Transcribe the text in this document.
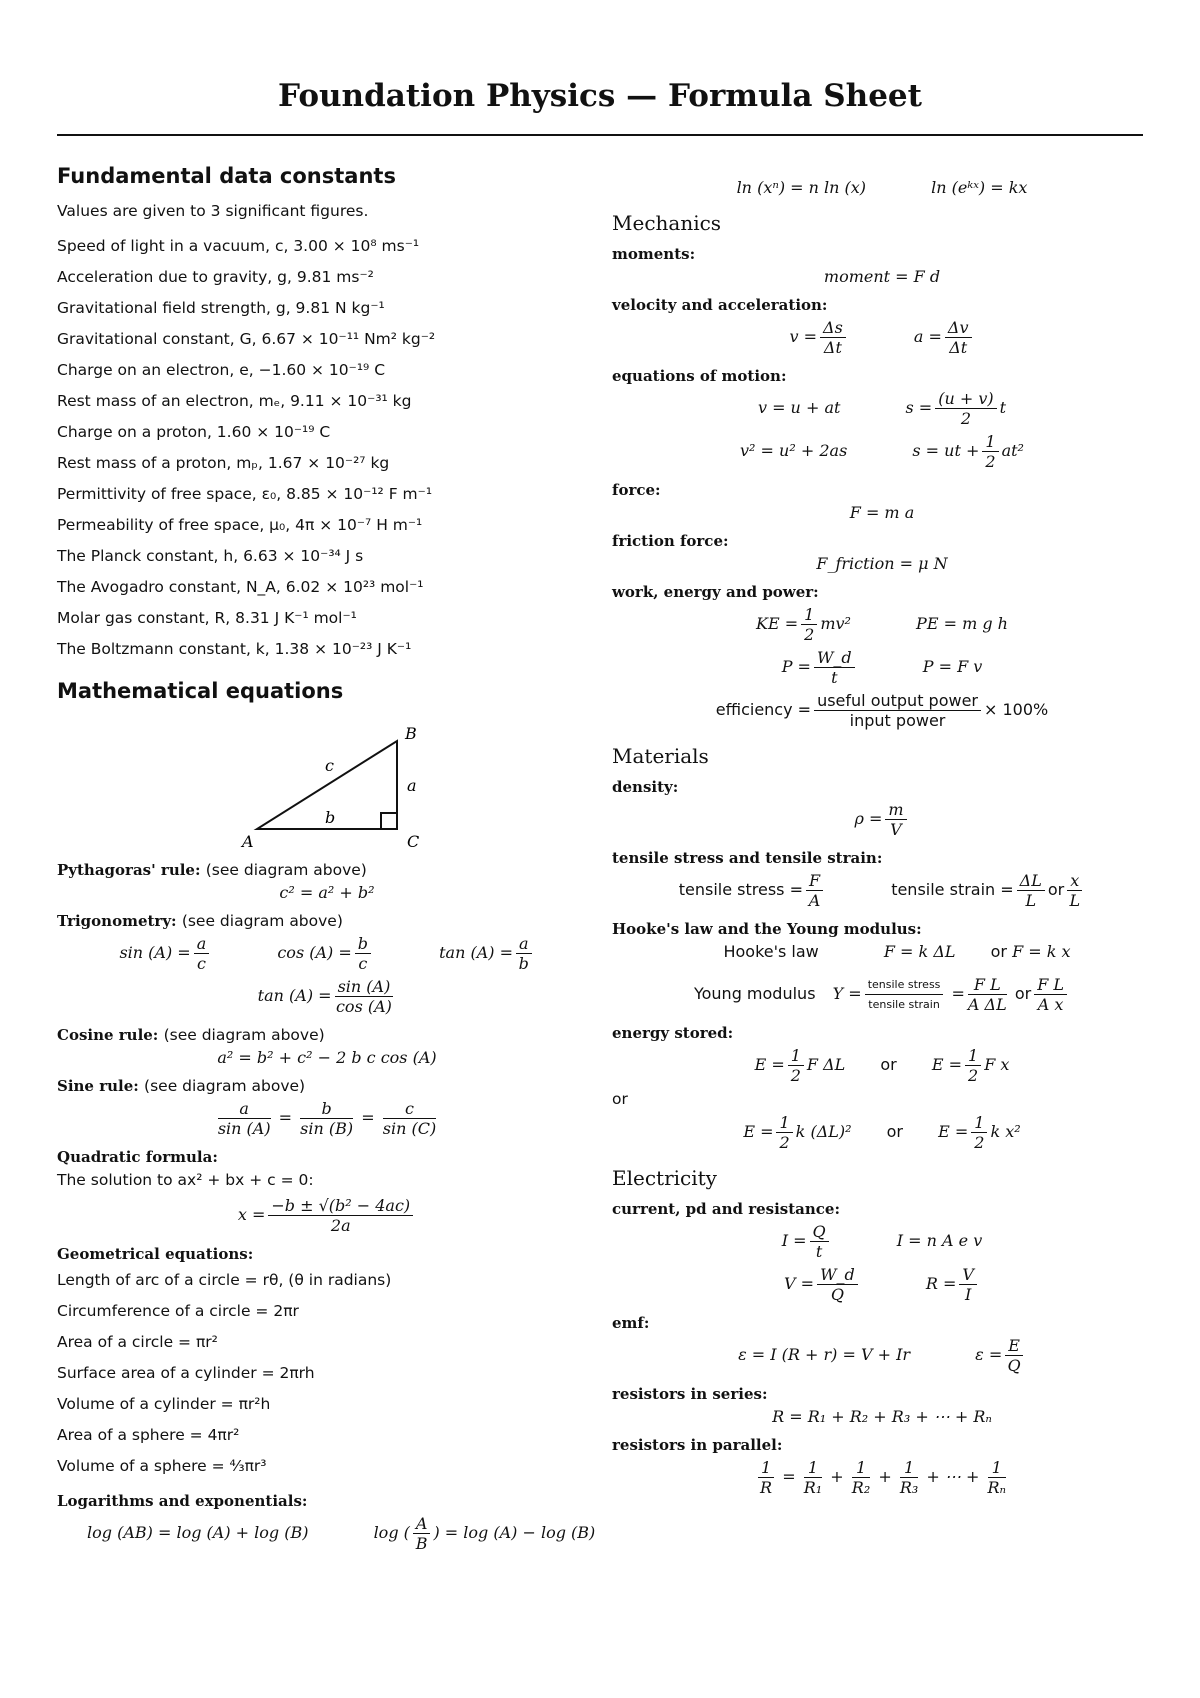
Foundation Physics — Formula Sheet
Fundamental data constants
Values are given to 3 significant figures.
Speed of light in a vacuum, c, 3.00 × 10⁸ ms⁻¹
Acceleration due to gravity, g, 9.81 ms⁻²
Gravitational field strength, g, 9.81 N kg⁻¹
Gravitational constant, G, 6.67 × 10⁻¹¹ Nm² kg⁻²
Charge on an electron, e, −1.60 × 10⁻¹⁹ C
Rest mass of an electron, mₑ, 9.11 × 10⁻³¹ kg
Charge on a proton, 1.60 × 10⁻¹⁹ C
Rest mass of a proton, mₚ, 1.67 × 10⁻²⁷ kg
Permittivity of free space, ε₀, 8.85 × 10⁻¹² F m⁻¹
Permeability of free space, μ₀, 4π × 10⁻⁷ H m⁻¹
The Planck constant, h, 6.63 × 10⁻³⁴ J s
The Avogadro constant, N_A, 6.02 × 10²³ mol⁻¹
Molar gas constant, R, 8.31 J K⁻¹ mol⁻¹
The Boltzmann constant, k, 1.38 × 10⁻²³ J K⁻¹
Mathematical equations
A	C
B
b
a
c
Pythagoras' rule: (see diagram above)
c² = a² + b²
Trigonometry: (see diagram above)
$\sin (A) = \frac{a}{c}$	$\cos (A) = \frac{b}{c}$	$\tan (A) = \frac{a}{b}$
$\tan (A) = \frac{\sin (A)}{\cos (A)}$
Cosine rule: (see diagram above)
a² = b² + c² − 2 b c cos (A)
Sine rule: (see diagram above)
$\frac{a}{\sin (A)} = \frac{b}{\sin (B)} = \frac{c}{\sin (C)}$
Quadratic formula:
The solution to ax² + bx + c = 0:
$x = \frac{\text{−b ± √(b² − 4ac)}}{2a}$
Geometrical equations:
Length of arc of a circle = rθ, (θ in radians)
Circumference of a circle = 2πr
Area of a circle = πr²
Surface area of a cylinder = 2πrh
Volume of a cylinder = πr²h
Area of a sphere = 4πr²
Volume of a sphere = ⁴⁄₃πr³
Logarithms and exponentials:
log (AB) = log (A) + log (B)	log ( $\frac{A}{B}$ ) = log (A) − log (B)
ln (xⁿ) = n ln (x)	ln (eᵏˣ) = kx
Mechanics
moments:
moment = F d
velocity and acceleration:
$v = \frac{\Delta s}{\Delta t}$	$a = \frac{\Delta v}{\Delta t}$
equations of motion:
v = u + at	$s = \frac{(u + v)}{2}$ t
v² = u² + 2as	s = ut + $\frac{1}{2} at^2$
force:
F = m a
friction force:
F_friction = μ N
work, energy and power:
KE = $\frac{1}{2} mv^2$	PE = m g h
$P = \frac{W\_d}{t}$	P = F v
efficiency = $\frac{\text{useful output power}}{\text{input power}} \times 100\%$
Materials
density:
$\rho = \frac{m}{V}$
tensile stress and tensile strain:
tensile stress = $\frac{F}{A}$	tensile strain = $\frac{\Delta L}{L}$ or $\frac{x}{L}$
Hooke's law and the Young modulus:
Hooke's law	F = k ΔL or F = k x
Young modulus $Y = \frac{\text{tensile stress}}{\text{tensile strain}} = \frac{\text{F L}}{\text{A ΔL}}$ or $\frac{\text{F L}}{\text{A x}}$
energy stored:
$E = \frac{1}{2}$ F ΔL or $E = \frac{1}{2}$ F x
or
$E = \frac{1}{2}$ k (ΔL)² or $E = \frac{1}{2}$ k x²
Electricity
current, pd and resistance:
$I = \frac{Q}{t}$	I = n A e v
$V = \frac{W\_d}{Q}$	$R = \frac{V}{I}$
emf:
ε = I (R + r) = V + Ir	$\varepsilon = \frac{E}{Q}$
resistors in series:
R = R₁ + R₂ + R₃ + ⋯ + Rₙ
resistors in parallel:
$\frac{1}{R} = \frac{1}{\text{R₁}} + \frac{1}{\text{R₂}} + \frac{1}{\text{R₃}}$ + ⋯ + $\frac{1}{\text{Rₙ}}$
